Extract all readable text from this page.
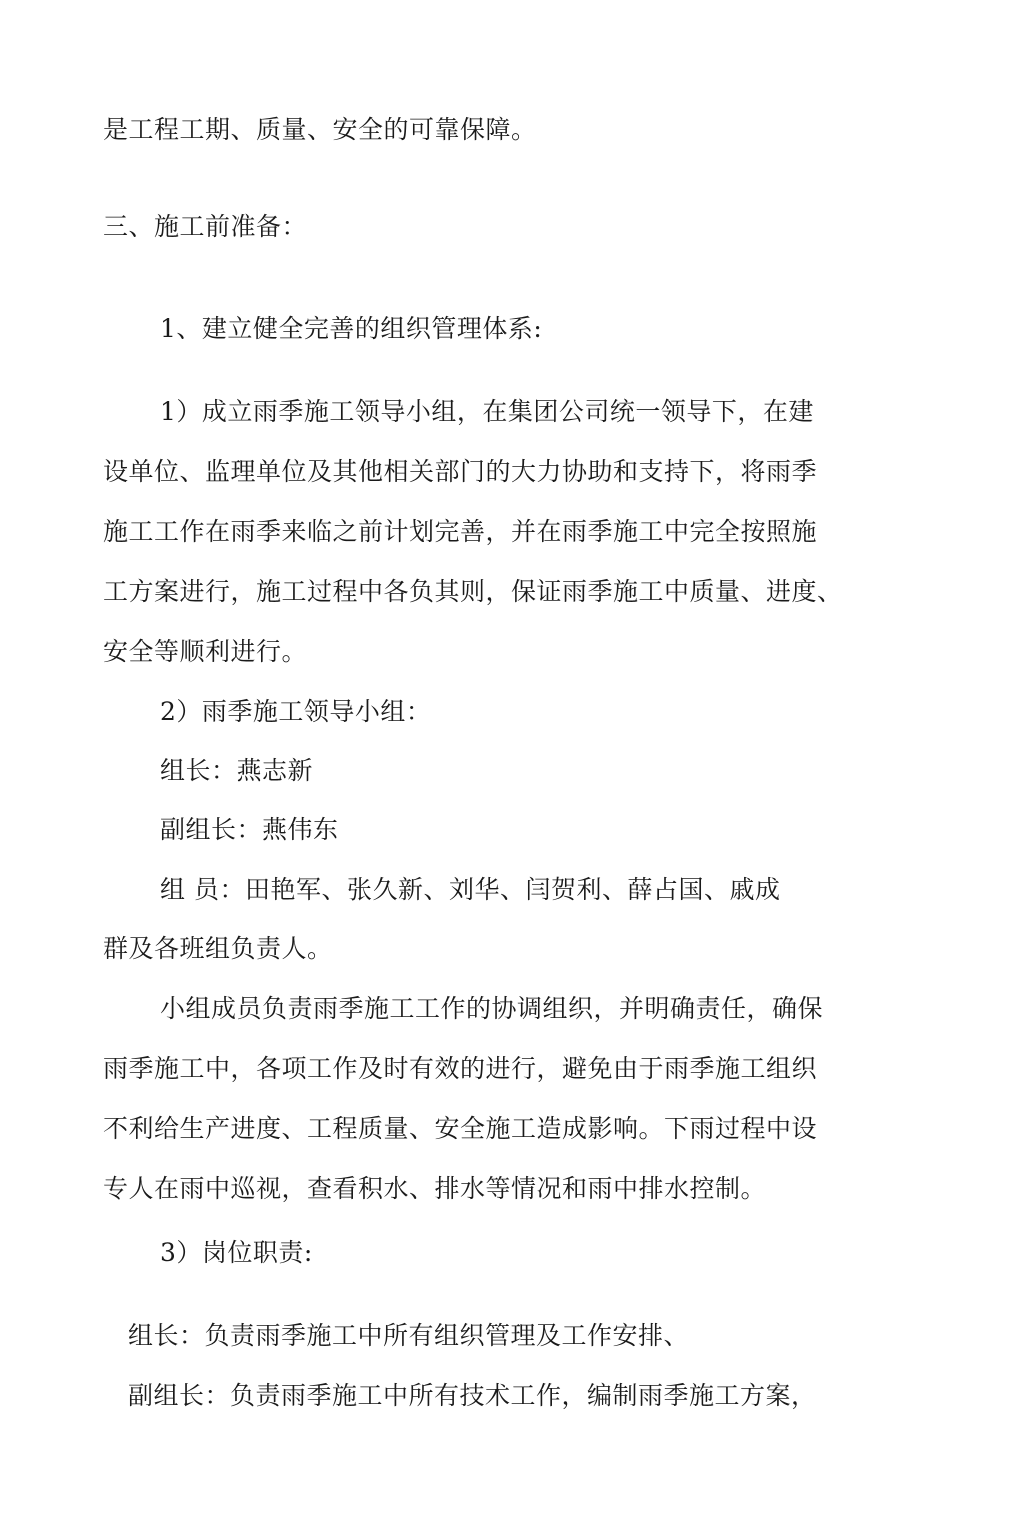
是工程工期、质量、安全的可靠保障。
三、施工前准备：
1、建立健全完善的组织管理体系:
1）成立雨季施工领导小组，在集团公司统一领导下，在建
设单位、监理单位及其他相关部门的大力协助和支持下，将雨季
施工工作在雨季来临之前计划完善，并在雨季施工中完全按照施
工方案进行，施工过程中各负其则，保证雨季施工中质量、进度、
安全等顺利进行。
2）雨季施工领导小组：
组长：燕志新
副组长：燕伟东
组 员：田艳军、张久新、刘华、闫贺利、薛占国、戚成
群及各班组负责人。
小组成员负责雨季施工工作的协调组织，并明确责任，确保
雨季施工中，各项工作及时有效的进行，避免由于雨季施工组织
不利给生产进度、工程质量、安全施工造成影响。下雨过程中设
专人在雨中巡视，查看积水、排水等情况和雨中排水控制。
3）岗位职责:
组长：负责雨季施工中所有组织管理及工作安排、
副组长：负责雨季施工中所有技术工作，编制雨季施工方案，
